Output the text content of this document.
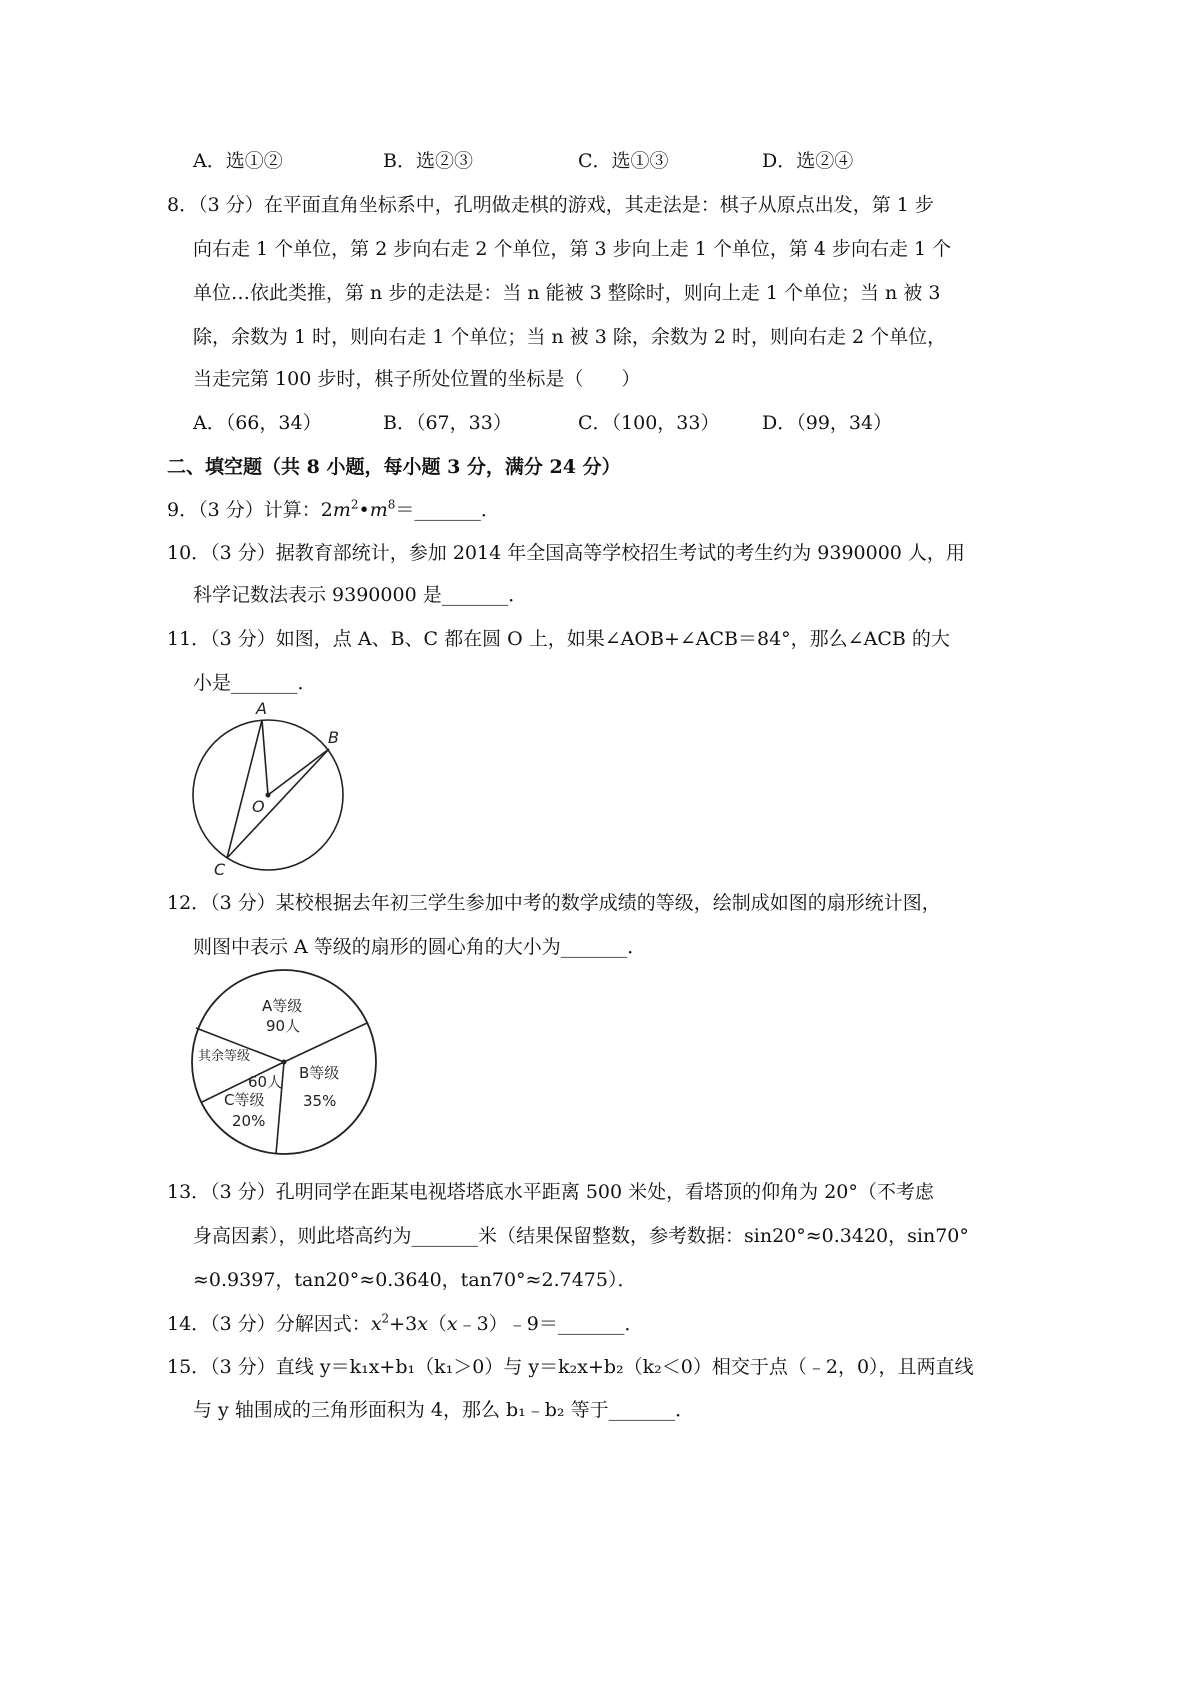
A．选①②	B．选②③	C．选①③	D．选②④
8．（3 分）在平面直角坐标系中，孔明做走棋的游戏，其走法是：棋子从原点出发，第 1 步
向右走 1 个单位，第 2 步向右走 2 个单位，第 3 步向上走 1 个单位，第 4 步向右走 1 个
单位…依此类推，第 n 步的走法是：当 n 能被 3 整除时，则向上走 1 个单位；当 n 被 3
除，余数为 1 时，则向右走 1 个单位；当 n 被 3 除，余数为 2 时，则向右走 2 个单位，
当走完第 100 步时，棋子所处位置的坐标是（　　）
A．（66，34）	B．（67，33）	C．（100，33） D．（99，34）
二、填空题（共 8 小题，每小题 3 分，满分 24 分）
9．（3 分）计算：$2m^2•m^8=\_\_\_\_\_\_\_$．
10．（3 分）据教育部统计，参加 2014 年全国高等学校招生考试的考生约为 9390000 人，用
科学记数法表示 9390000 是_______．
11．（3 分）如图，点 A、B、C 都在圆 O 上，如果∠AOB+∠ACB＝84°，那么∠ACB 的大
小是_______．
A
B
C
O
12．（3 分）某校根据去年初三学生参加中考的数学成绩的等级，绘制成如图的扇形统计图，
则图中表示 A 等级的扇形的圆心角的大小为_______．
A等级
90人
B等级
35%
C等级
20%
其余等级
60人
13．（3 分）孔明同学在距某电视塔塔底水平距离 500 米处，看塔顶的仰角为 20°（不考虑
身高因素），则此塔高约为_______米（结果保留整数，参考数据：sin20°≈0.3420，sin70°
≈0.9397，tan20°≈0.3640，tan70°≈2.7475）．
14．（3 分）分解因式：$x^2+3x(x﹣3)﹣9=\_\_\_\_\_\_\_$．
15．（3 分）直线 y＝k₁x+b₁（k₁＞0）与 y＝k₂x+b₂（k₂＜0）相交于点（﹣2，0），且两直线
与 y 轴围成的三角形面积为 4，那么 b₁﹣b₂ 等于_______．
